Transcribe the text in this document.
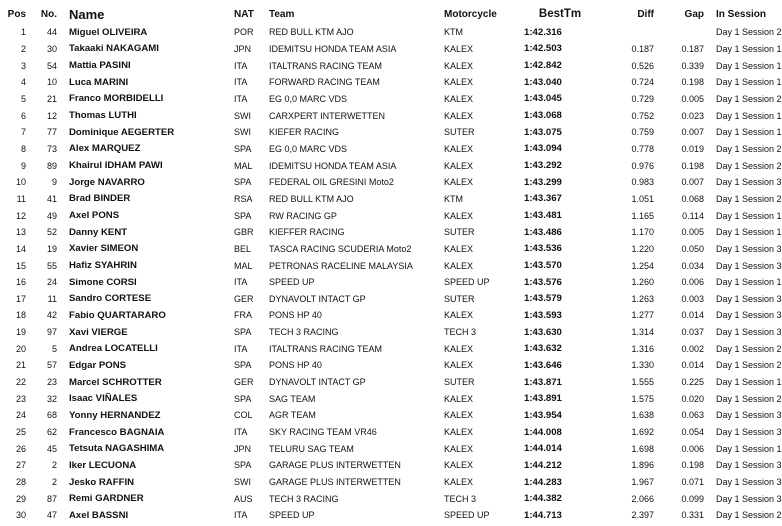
Pos	No.	Name	NAT	Team	Motorcycle	BestTm	Diff	Gap	In Session
1	44	Miguel OLIVEIRA	POR	RED BULL KTM AJO	KTM	1:42.316			Day 1 Session 2
2	30	Takaaki NAKAGAMI	JPN	IDEMITSU HONDA TEAM ASIA	KALEX	1:42.503	0.187	0.187	Day 1 Session 1
3	54	Mattia PASINI	ITA	ITALTRANS RACING TEAM	KALEX	1:42.842	0.526	0.339	Day 1 Session 1
4	10	Luca MARINI	ITA	FORWARD RACING TEAM	KALEX	1:43.040	0.724	0.198	Day 1 Session 1
5	21	Franco MORBIDELLI	ITA	EG 0,0 MARC VDS	KALEX	1:43.045	0.729	0.005	Day 1 Session 2
6	12	Thomas LUTHI	SWI	CARXPERT INTERWETTEN	KALEX	1:43.068	0.752	0.023	Day 1 Session 1
7	77	Dominique AEGERTER	SWI	KIEFER RACING	SUTER	1:43.075	0.759	0.007	Day 1 Session 1
8	73	Alex MARQUEZ	SPA	EG 0,0 MARC VDS	KALEX	1:43.094	0.778	0.019	Day 1 Session 2
9	89	Khairul IDHAM PAWI	MAL	IDEMITSU HONDA TEAM ASIA	KALEX	1:43.292	0.976	0.198	Day 1 Session 2
10	9	Jorge NAVARRO	SPA	FEDERAL OIL GRESINI Moto2	KALEX	1:43.299	0.983	0.007	Day 1 Session 3
11	41	Brad BINDER	RSA	RED BULL KTM AJO	KTM	1:43.367	1.051	0.068	Day 1 Session 2
12	49	Axel PONS	SPA	RW RACING GP	KALEX	1:43.481	1.165	0.114	Day 1 Session 1
13	52	Danny KENT	GBR	KIEFFER RACING	SUTER	1:43.486	1.170	0.005	Day 1 Session 1
14	19	Xavier SIMEON	BEL	TASCA RACING SCUDERIA Moto2	KALEX	1:43.536	1.220	0.050	Day 1 Session 3
15	55	Hafiz SYAHRIN	MAL	PETRONAS RACELINE MALAYSIA	KALEX	1:43.570	1.254	0.034	Day 1 Session 3
16	24	Simone CORSI	ITA	SPEED UP	SPEED UP	1:43.576	1.260	0.006	Day 1 Session 1
17	11	Sandro CORTESE	GER	DYNAVOLT INTACT GP	SUTER	1:43.579	1.263	0.003	Day 1 Session 3
18	42	Fabio QUARTARARO	FRA	PONS HP 40	KALEX	1:43.593	1.277	0.014	Day 1 Session 3
19	97	Xavi VIERGE	SPA	TECH 3 RACING	TECH 3	1:43.630	1.314	0.037	Day 1 Session 3
20	5	Andrea LOCATELLI	ITA	ITALTRANS RACING TEAM	KALEX	1:43.632	1.316	0.002	Day 1 Session 2
21	57	Edgar PONS	SPA	PONS HP 40	KALEX	1:43.646	1.330	0.014	Day 1 Session 2
22	23	Marcel SCHROTTER	GER	DYNAVOLT INTACT GP	SUTER	1:43.871	1.555	0.225	Day 1 Session 1
23	32	Isaac VIÑALES	SPA	SAG TEAM	KALEX	1:43.891	1.575	0.020	Day 1 Session 2
24	68	Yonny HERNANDEZ	COL	AGR TEAM	KALEX	1:43.954	1.638	0.063	Day 1 Session 3
25	62	Francesco BAGNAIA	ITA	SKY RACING TEAM VR46	KALEX	1:44.008	1.692	0.054	Day 1 Session 3
26	45	Tetsuta NAGASHIMA	JPN	TELURU SAG TEAM	KALEX	1:44.014	1.698	0.006	Day 1 Session 1
27	2	Iker LECUONA	SPA	GARAGE PLUS INTERWETTEN	KALEX	1:44.212	1.896	0.198	Day 1 Session 3
28	2	Jesko RAFFIN	SWI	GARAGE PLUS INTERWETTEN	KALEX	1:44.283	1.967	0.071	Day 1 Session 3
29	87	Remi GARDNER	AUS	TECH 3 RACING	TECH 3	1:44.382	2.066	0.099	Day 1 Session 3
30	47	Axel BASSNI	ITA	SPEED UP	SPEED UP	1:44.713	2.397	0.331	Day 1 Session 2
